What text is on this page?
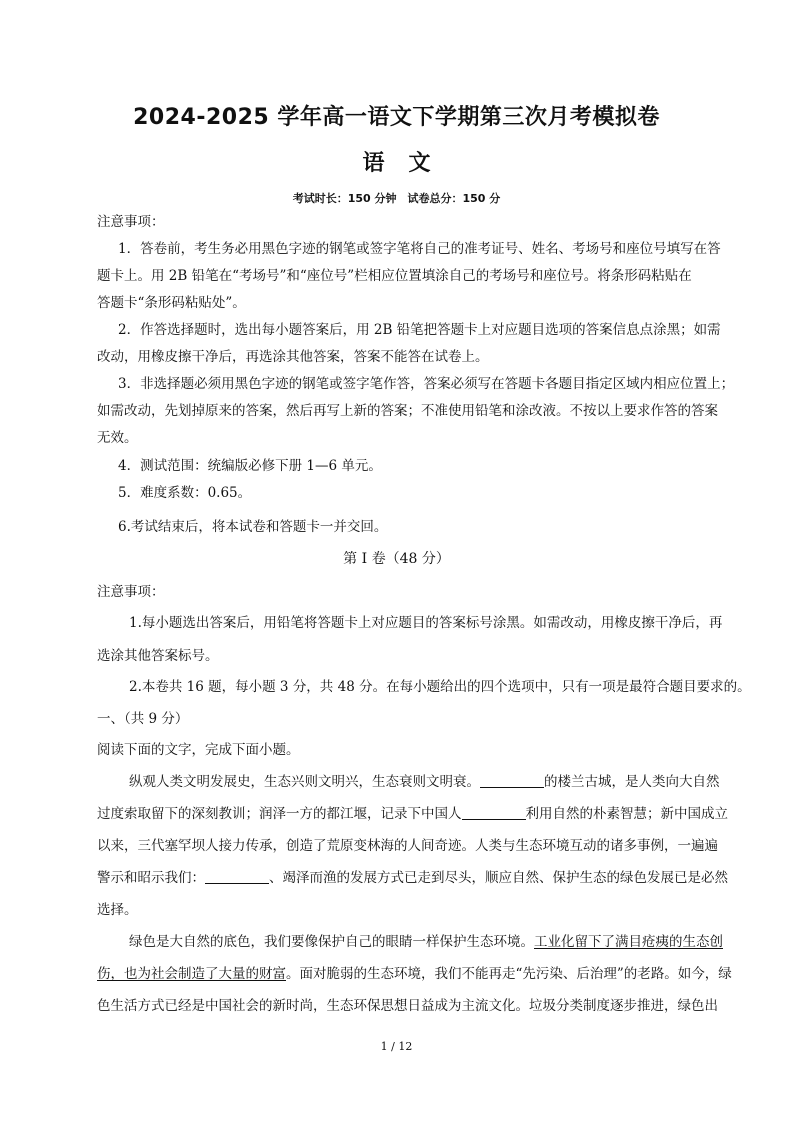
2024-2025 学年高一语文下学期第三次月考模拟卷
语文
考试时长：150 分钟　试卷总分：150 分
注意事项：
1．答卷前，考生务必用黑色字迹的钢笔或签字笔将自己的准考证号、姓名、考场号和座位号填写在答
题卡上。用 2B 铅笔在“考场号”和“座位号”栏相应位置填涂自己的考场号和座位号。将条形码粘贴在
答题卡“条形码粘贴处”。
2．作答选择题时，选出每小题答案后，用 2B 铅笔把答题卡上对应题目选项的答案信息点涂黑；如需
改动，用橡皮擦干净后，再选涂其他答案，答案不能答在试卷上。
3．非选择题必须用黑色字迹的钢笔或签字笔作答，答案必须写在答题卡各题目指定区域内相应位置上；
如需改动，先划掉原来的答案，然后再写上新的答案；不准使用铅笔和涂改液。不按以上要求作答的答案
无效。
4．测试范围：统编版必修下册 1—6 单元。
5．难度系数：0.65。
6.考试结束后，将本试卷和答题卡一并交回。
第 I 卷（48 分）
注意事项：
1.每小题选出答案后，用铅笔将答题卡上对应题目的答案标号涂黑。如需改动，用橡皮擦干净后，再
选涂其他答案标号。
2.本卷共 16 题，每小题 3 分，共 48 分。在每小题给出的四个选项中，只有一项是最符合题目要求的。
一、（共 9 分）
阅读下面的文字，完成下面小题。
纵观人类文明发展史，生态兴则文明兴，生态衰则文明衰。	的楼兰古城，是人类向大自然
过度索取留下的深刻教训；润泽一方的都江堰，记录下中国人	利用自然的朴素智慧；新中国成立
以来，三代塞罕坝人接力传承，创造了荒原变林海的人间奇迹。人类与生态环境互动的诸多事例，一遍遍
警示和昭示我们：	、竭泽而渔的发展方式已走到尽头，顺应自然、保护生态的绿色发展已是必然
选择。
绿色是大自然的底色，我们要像保护自己的眼睛一样保护生态环境。工业化留下了满目疮痍的生态创
伤，也为社会制造了大量的财富。面对脆弱的生态环境，我们不能再走“先污染、后治理”的老路。如今，绿
色生活方式已经是中国社会的新时尚，生态环保思想日益成为主流文化。垃圾分类制度逐步推进，绿色出
1 / 12
